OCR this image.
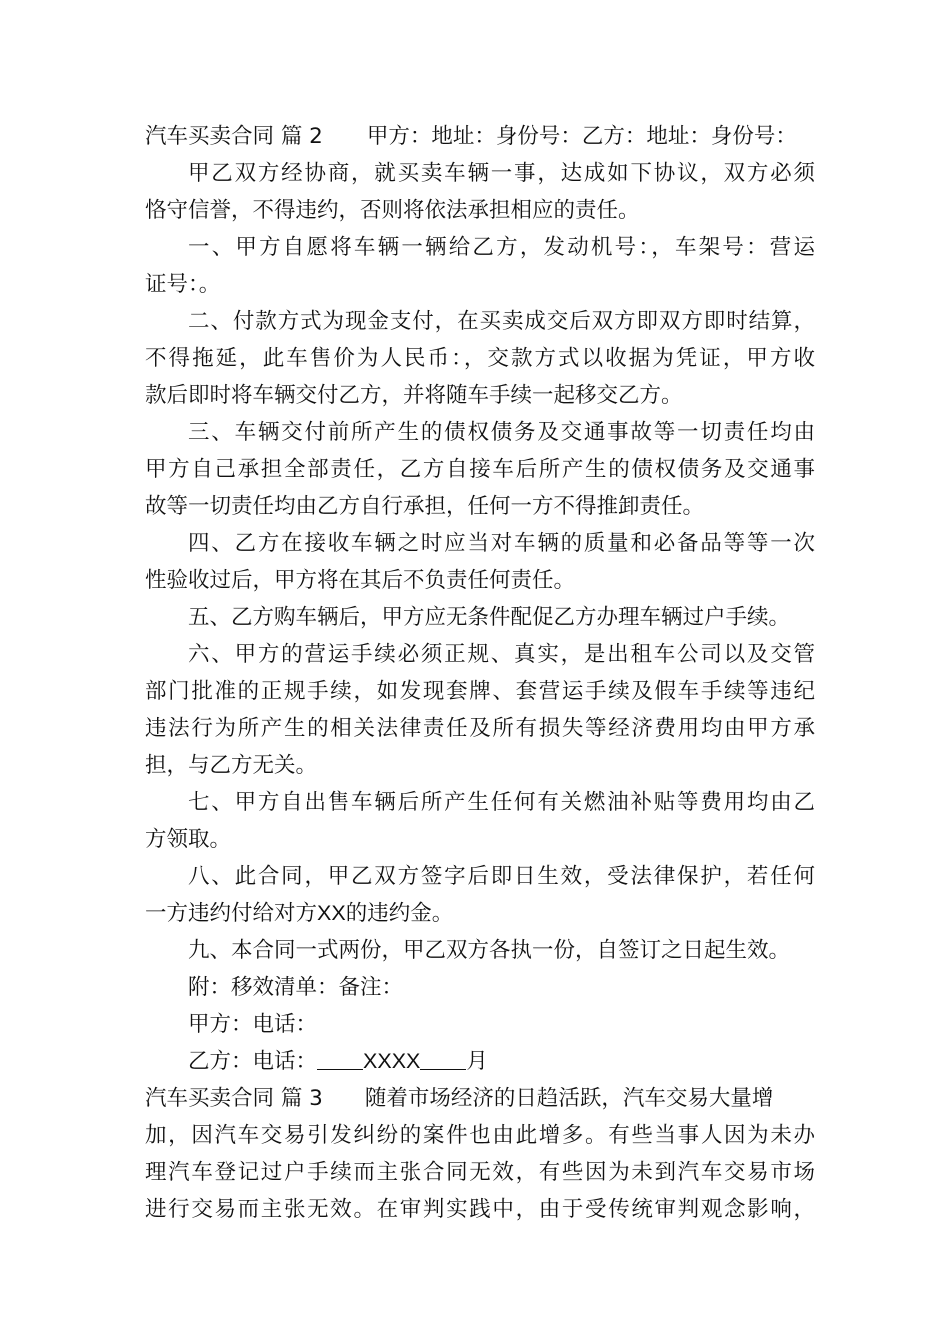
汽车买卖合同 篇 2 甲方：地址：身份号：乙方：地址：身份号：

甲乙双方经协商，就买卖车辆一事，达成如下协议，双方必须

恪守信誉，不得违约，否则将依法承担相应的责任。

一、甲方自愿将车辆一辆给乙方，发动机号：，车架号：营运

证号：。

二、付款方式为现金支付，在买卖成交后双方即双方即时结算，

不得拖延，此车售价为人民币：，交款方式以收据为凭证，甲方收

款后即时将车辆交付乙方，并将随车手续一起移交乙方。

三、车辆交付前所产生的债权债务及交通事故等一切责任均由

甲方自己承担全部责任，乙方自接车后所产生的债权债务及交通事

故等一切责任均由乙方自行承担，任何一方不得推卸责任。

四、乙方在接收车辆之时应当对车辆的质量和必备品等等一次

性验收过后，甲方将在其后不负责任何责任。

五、乙方购车辆后，甲方应无条件配促乙方办理车辆过户手续。

六、甲方的营运手续必须正规、真实，是出租车公司以及交管

部门批准的正规手续，如发现套牌、套营运手续及假车手续等违纪

违法行为所产生的相关法律责任及所有损失等经济费用均由甲方承

担，与乙方无关。

七、甲方自出售车辆后所产生任何有关燃油补贴等费用均由乙

方领取。

八、此合同，甲乙双方签字后即日生效，受法律保护，若任何

一方违约付给对方XX的违约金。

九、本合同一式两份，甲乙双方各执一份，自签订之日起生效。

附：移效清单：备注：

甲方：电话：

乙方：电话： XXXX 月

汽车买卖合同 篇 3 随着市场经济的日趋活跃，汽车交易大量增

加，因汽车交易引发纠纷的案件也由此增多。有些当事人因为未办

理汽车登记过户手续而主张合同无效，有些因为未到汽车交易市场

进行交易而主张无效。在审判实践中，由于受传统审判观念影响，
